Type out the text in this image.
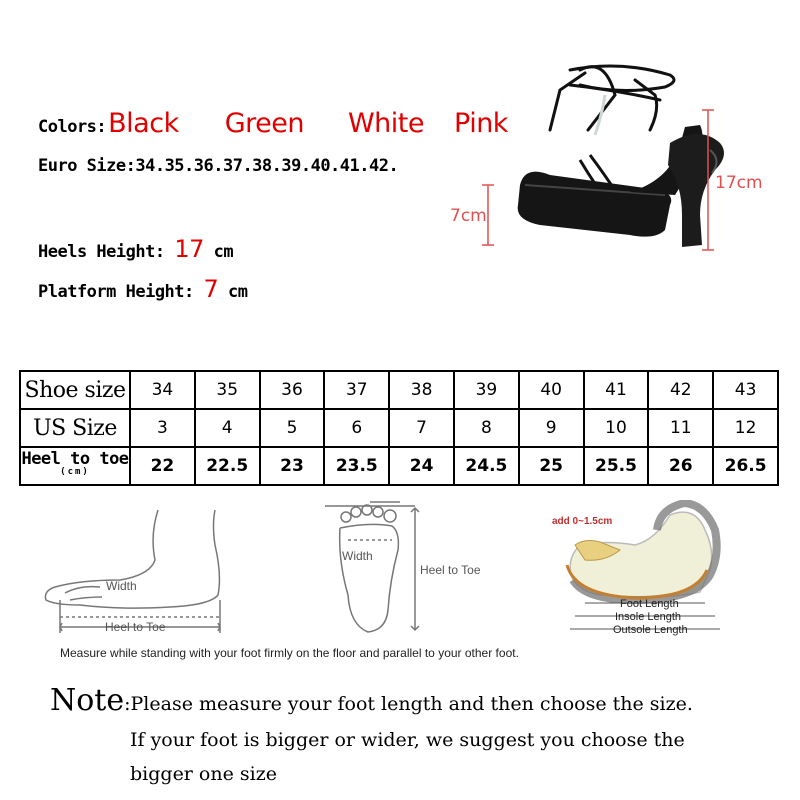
Colors:Black Green White Pink
Euro Size:34.35.36.37.38.39.40.41.42.
Heels Height: 17 cm
Platform Height: 7 cm
7cm
17cm
Shoe size	34	35	36	37	38	39	40	41	42	43
US Size	3	4	5	6	7	8	9	10	11	12
Heel to toe
(cm)	22	22.5	23	23.5	24	24.5	25	25.5	26	26.5
Width
Heel to Toe
Width
Heel to Toe
add 0~1.5cm
Foot Length
Insole Length
Outsole Length
Measure while standing with your foot firmly on the floor and parallel to your other foot.
Note:Please measure your foot length and then choose the size.
If your foot is bigger or wider, we suggest you choose the
bigger one size
